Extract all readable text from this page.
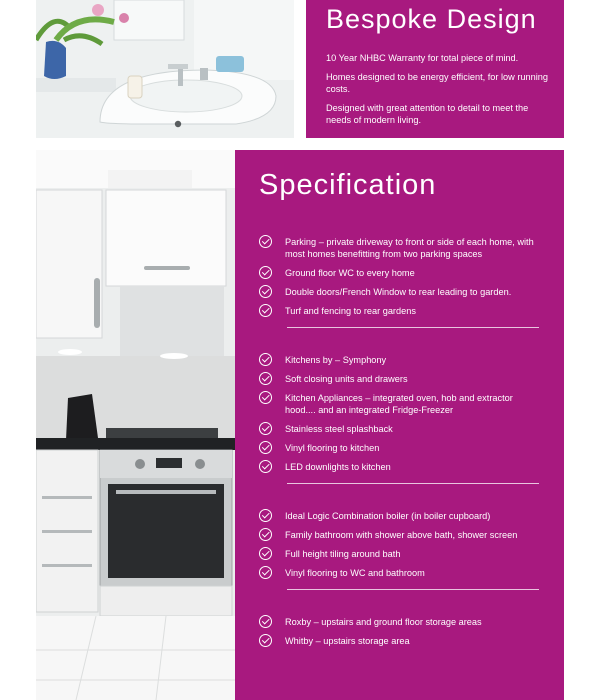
Bespoke Design

10 Year NHBC Warranty for total piece of mind.

Homes designed to be energy efficient, for low running costs.

Designed with great attention to detail to meet the needs of modern living.

Specification
Parking – private driveway to front or side of each home, with most homes benefitting from two parking spaces
Ground floor WC to every home
Double doors/French Window to rear leading to garden.
Turf and fencing to rear gardens
Kitchens by – Symphony
Soft closing units and drawers
Kitchen Appliances – integrated oven, hob and extractor hood.... and an integrated Fridge-Freezer
Stainless steel splashback
Vinyl flooring to kitchen
LED downlights to kitchen
Ideal Logic Combination boiler (in boiler cupboard)
Family bathroom with shower above bath, shower screen
Full height tiling around bath
Vinyl flooring to WC and bathroom
Roxby – upstairs and ground floor storage areas
Whitby – upstairs storage area
